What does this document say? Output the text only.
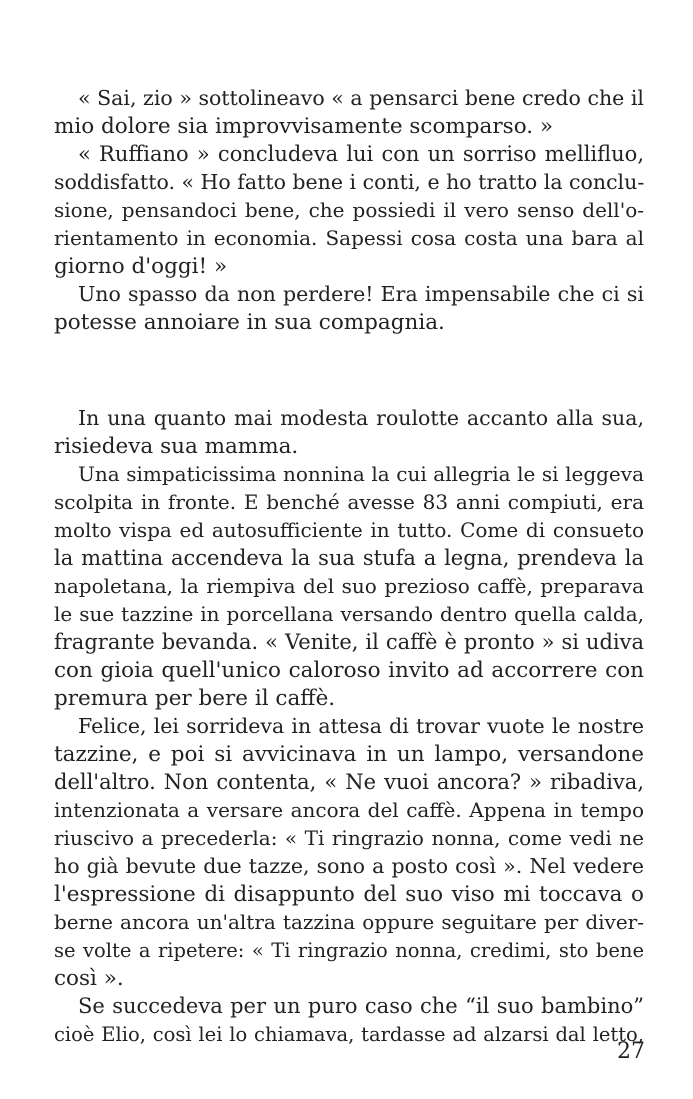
« Sai, zio » sottolineavo « a pensarci bene credo che il
mio dolore sia improvvisamente scomparso. »
« Ruffiano » concludeva lui con un sorriso mellifluo,
soddisfatto. « Ho fatto bene i conti, e ho tratto la conclu-
sione, pensandoci bene, che possiedi il vero senso dell'o-
rientamento in economia. Sapessi cosa costa una bara al
giorno d'oggi! »
Uno spasso da non perdere! Era impensabile che ci si
potesse annoiare in sua compagnia.
In una quanto mai modesta roulotte accanto alla sua,
risiedeva sua mamma.
Una simpaticissima nonnina la cui allegria le si leggeva
scolpita in fronte. E benché avesse 83 anni compiuti, era
molto vispa ed autosufficiente in tutto. Come di consueto
la mattina accendeva la sua stufa a legna, prendeva la
napoletana, la riempiva del suo prezioso caffè, preparava
le sue tazzine in porcellana versando dentro quella calda,
fragrante bevanda. « Venite, il caffè è pronto » si udiva
con gioia quell'unico caloroso invito ad accorrere con
premura per bere il caffè.
Felice, lei sorrideva in attesa di trovar vuote le nostre
tazzine, e poi si avvicinava in un lampo, versandone
dell'altro. Non contenta, « Ne vuoi ancora? » ribadiva,
intenzionata a versare ancora del caffè. Appena in tempo
riuscivo a precederla: « Ti ringrazio nonna, come vedi ne
ho già bevute due tazze, sono a posto così ». Nel vedere
l'espressione di disappunto del suo viso mi toccava o
berne ancora un'altra tazzina oppure seguitare per diver-
se volte a ripetere: « Ti ringrazio nonna, credimi, sto bene
così ».
Se succedeva per un puro caso che “il suo bambino”
cioè Elio, così lei lo chiamava, tardasse ad alzarsi dal letto,
27
